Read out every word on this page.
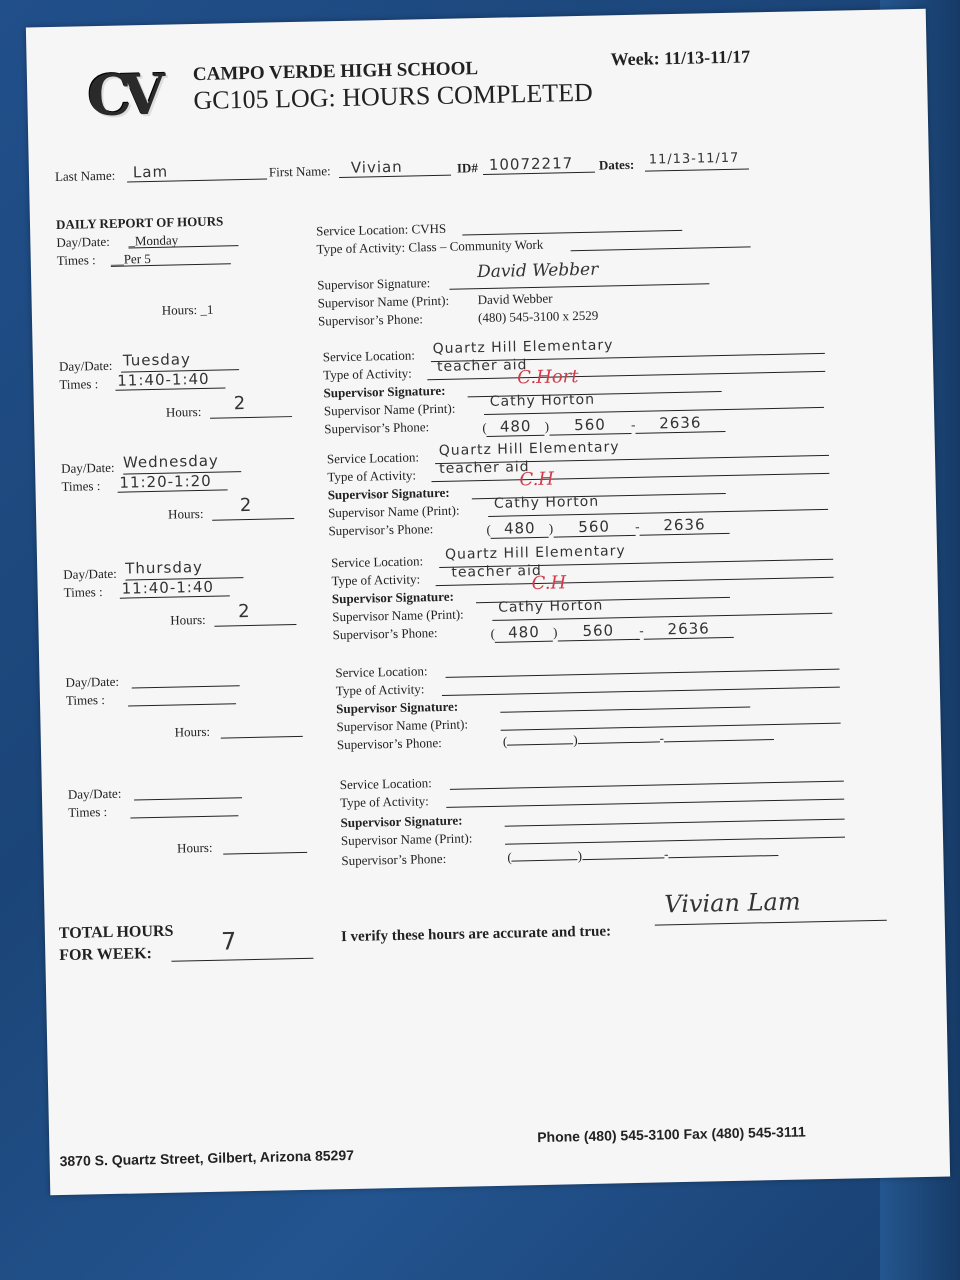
CV	CAMPO VERDE HIGH SCHOOL
GC105 LOG: HOURS COMPLETED
Week: 11/13-11/17
Last Name: Lam	First Name: Vivian	ID# 10072217 Dates: 11/13-11/17
DAILY REPORT OF HOURS
Day/Date: _Monday
Times : __Per 5
Hours: _1
Service Location: CVHS
Type of Activity: Class – Community Work
Supervisor Signature:
David Webber
Supervisor Name (Print): David Webber
Supervisor’s Phone:	(480) 545-3100 x 2529
Day/Date: Tuesday
Times : 11:40-1:40
Hours: 2
Service Location: Quartz Hill Elementary
Type of Activity: teacher aid
Supervisor Signature:
C.Hort
Supervisor Name (Print): Cathy Horton
Supervisor’s Phone:	( 480 ) 560 - 2636
Day/Date: Wednesday
Times : 11:20-1:20
Hours: 2
Service Location: Quartz Hill Elementary
Type of Activity: teacher aid
Supervisor Signature:
C.H
Supervisor Name (Print): Cathy Horton
Supervisor’s Phone:	( 480 ) 560 - 2636
Day/Date: Thursday
Times : 11:40-1:40
Hours: 2
Service Location: Quartz Hill Elementary
Type of Activity: teacher aid
Supervisor Signature:
C.H
Supervisor Name (Print): Cathy Horton
Supervisor’s Phone:	( 480 ) 560 - 2636
Day/Date:
Times :
Hours:
Service Location:
Type of Activity:
Supervisor Signature:
Supervisor Name (Print):
Supervisor’s Phone:	(	)	-
Day/Date:
Times :
Hours:
Service Location:
Type of Activity:
Supervisor Signature:
Supervisor Name (Print):
Supervisor’s Phone:	(	)	-
TOTAL HOURS
FOR WEEK:	7	I verify these hours are accurate and true:
Vivian Lam
3870 S. Quartz Street, Gilbert, Arizona 85297
Phone (480) 545-3100 Fax (480) 545-3111
